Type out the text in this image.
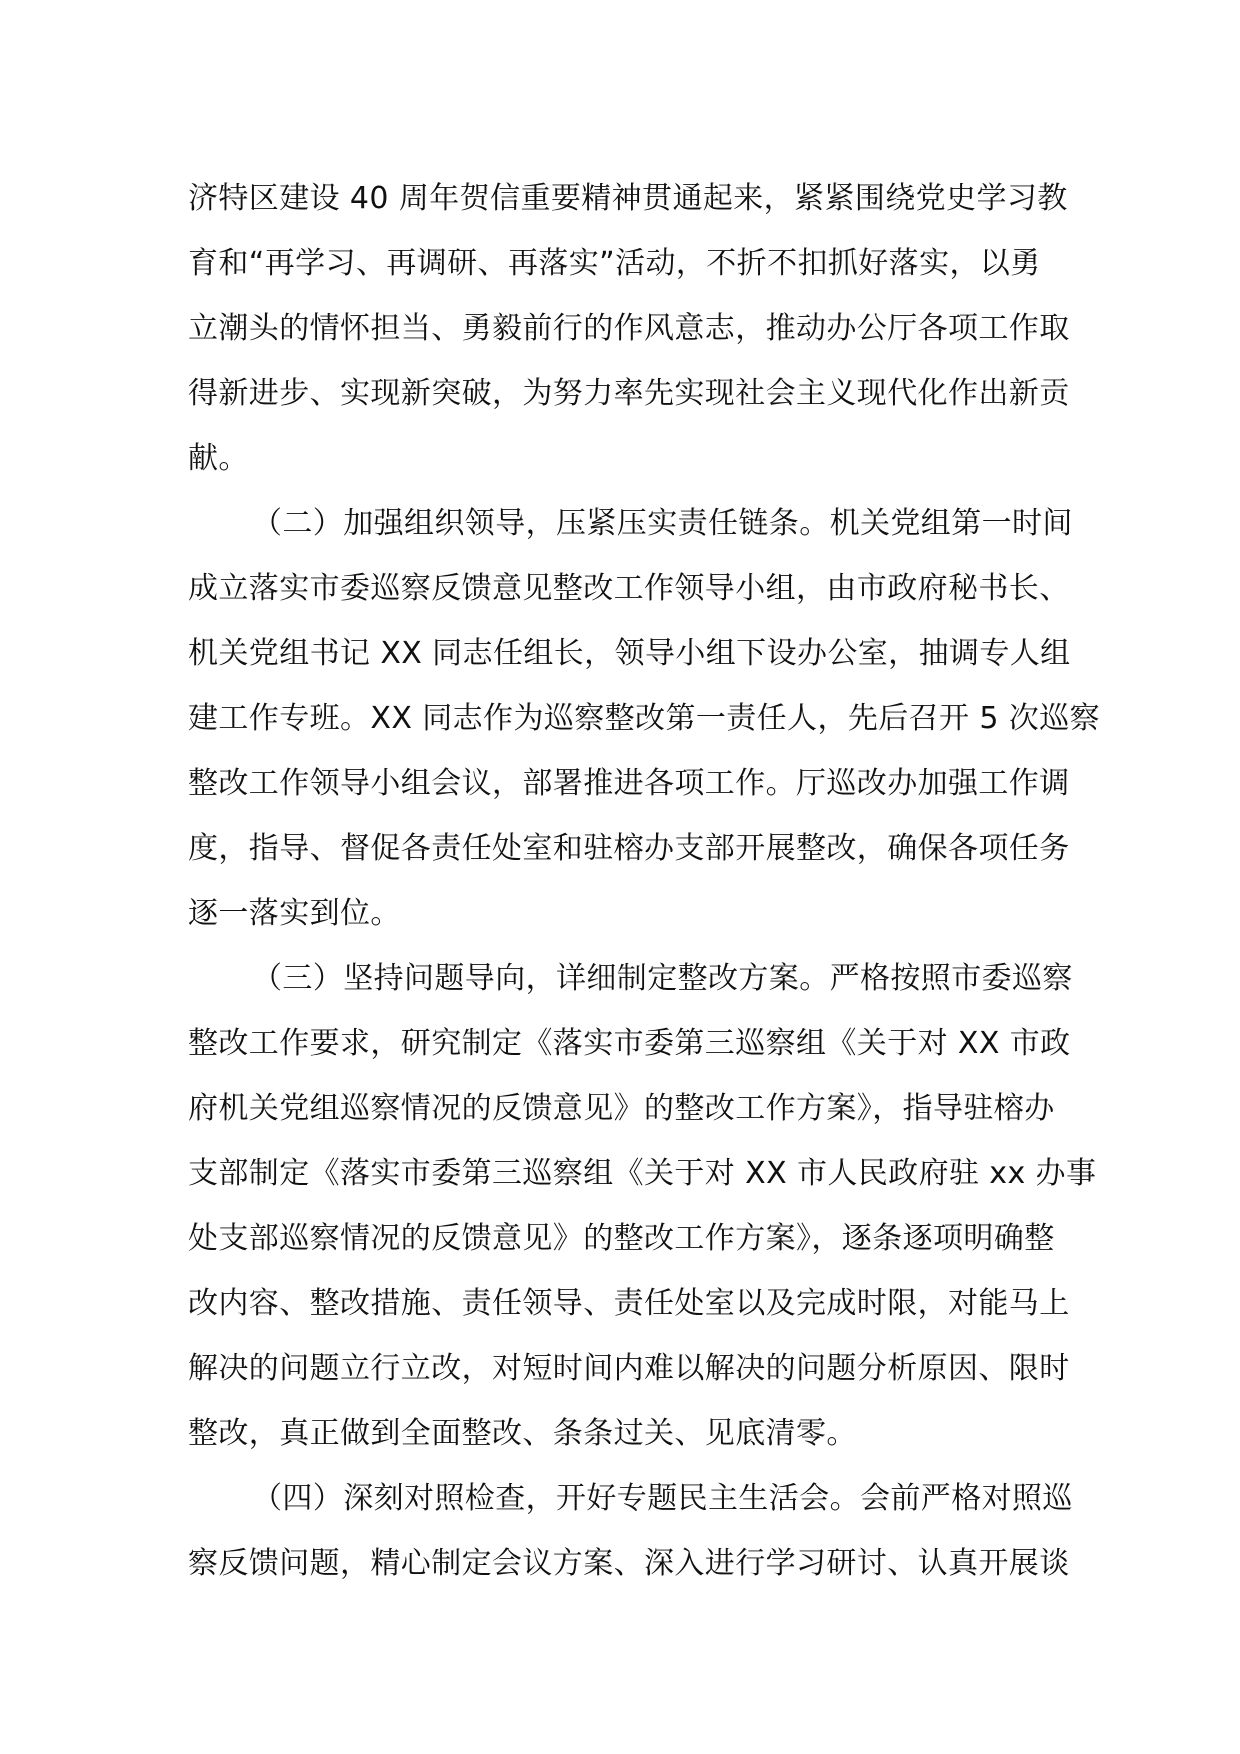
济特区建设 40 周年贺信重要精神贯通起来，紧紧围绕党史学习教
育和“再学习、再调研、再落实”活动，不折不扣抓好落实，以勇
立潮头的情怀担当、勇毅前行的作风意志，推动办公厅各项工作取
得新进步、实现新突破，为努力率先实现社会主义现代化作出新贡
献。
（二）加强组织领导，压紧压实责任链条。机关党组第一时间
成立落实市委巡察反馈意见整改工作领导小组，由市政府秘书长、
机关党组书记 XX 同志任组长，领导小组下设办公室，抽调专人组
建工作专班。XX 同志作为巡察整改第一责任人，先后召开 5 次巡察
整改工作领导小组会议，部署推进各项工作。厅巡改办加强工作调
度，指导、督促各责任处室和驻榕办支部开展整改，确保各项任务
逐一落实到位。
（三）坚持问题导向，详细制定整改方案。严格按照市委巡察
整改工作要求，研究制定《落实市委第三巡察组《关于对 XX 市政
府机关党组巡察情况的反馈意见》的整改工作方案》，指导驻榕办
支部制定《落实市委第三巡察组《关于对 XX 市人民政府驻 xx 办事
处支部巡察情况的反馈意见》的整改工作方案》，逐条逐项明确整
改内容、整改措施、责任领导、责任处室以及完成时限，对能马上
解决的问题立行立改，对短时间内难以解决的问题分析原因、限时
整改，真正做到全面整改、条条过关、见底清零。
（四）深刻对照检查，开好专题民主生活会。会前严格对照巡
察反馈问题，精心制定会议方案、深入进行学习研讨、认真开展谈
